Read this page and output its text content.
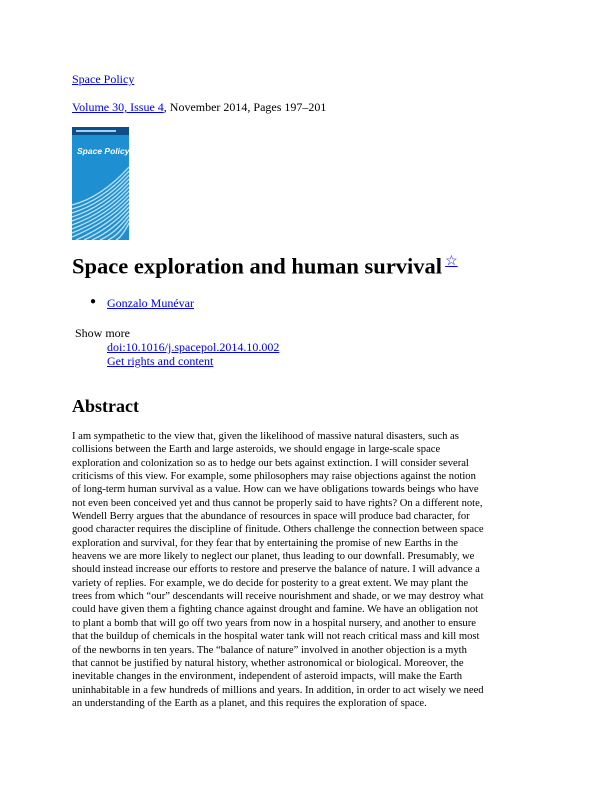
Space Policy
Volume 30, Issue 4, November 2014, Pages 197–201
Space Policy
Space exploration and human survival ☆
● Gonzalo Munévar
Show more
doi:10.1016/j.spacepol.2014.10.002
Get rights and content
Abstract

I am sympathetic to the view that, given the likelihood of massive natural disasters, such as
collisions between the Earth and large asteroids, we should engage in large-scale space
exploration and colonization so as to hedge our bets against extinction. I will consider several
criticisms of this view. For example, some philosophers may raise objections against the notion
of long-term human survival as a value. How can we have obligations towards beings who have
not even been conceived yet and thus cannot be properly said to have rights? On a different note,
Wendell Berry argues that the abundance of resources in space will produce bad character, for
good character requires the discipline of finitude. Others challenge the connection between space
exploration and survival, for they fear that by entertaining the promise of new Earths in the
heavens we are more likely to neglect our planet, thus leading to our downfall. Presumably, we
should instead increase our efforts to restore and preserve the balance of nature. I will advance a
variety of replies. For example, we do decide for posterity to a great extent. We may plant the
trees from which “our” descendants will receive nourishment and shade, or we may destroy what
could have given them a fighting chance against drought and famine. We have an obligation not
to plant a bomb that will go off two years from now in a hospital nursery, and another to ensure
that the buildup of chemicals in the hospital water tank will not reach critical mass and kill most
of the newborns in ten years. The “balance of nature” involved in another objection is a myth
that cannot be justified by natural history, whether astronomical or biological. Moreover, the
inevitable changes in the environment, independent of asteroid impacts, will make the Earth
uninhabitable in a few hundreds of millions and years. In addition, in order to act wisely we need
an understanding of the Earth as a planet, and this requires the exploration of space.
